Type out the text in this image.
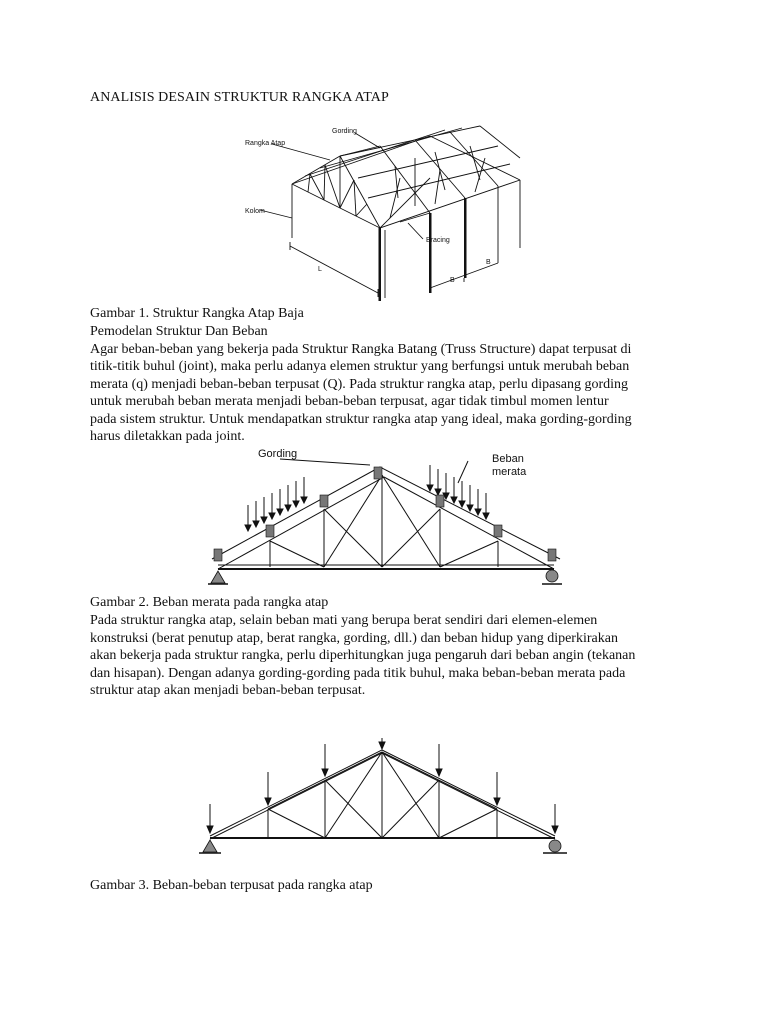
ANALISIS DESAIN STRUKTUR RANGKA ATAP
Rangka Atap
Gording
Kolom
Bracing
L
B
B
Gambar 1. Struktur Rangka Atap Baja
Pemodelan Struktur Dan Beban
Agar beban-beban yang bekerja pada Struktur Rangka Batang (Truss Structure) dapat terpusat di
titik-titik buhul (joint), maka perlu adanya elemen struktur yang berfungsi untuk merubah beban
merata (q) menjadi beban-beban terpusat (Q). Pada struktur rangka atap, perlu dipasang gording
untuk merubah beban merata menjadi beban-beban terpusat, agar tidak timbul momen lentur
pada sistem struktur. Untuk mendapatkan struktur rangka atap yang ideal, maka gording-gording
harus diletakkan pada joint.
Gording	Beban
merata
Gambar 2. Beban merata pada rangka atap
Pada struktur rangka atap, selain beban mati yang berupa berat sendiri dari elemen-elemen
konstruksi (berat penutup atap, berat rangka, gording, dll.) dan beban hidup yang diperkirakan
akan bekerja pada struktur rangka, perlu diperhitungkan juga pengaruh dari beban angin (tekanan
dan hisapan). Dengan adanya gording-gording pada titik buhul, maka beban-beban merata pada
struktur atap akan menjadi beban-beban terpusat.
Gambar 3. Beban-beban terpusat pada rangka atap
